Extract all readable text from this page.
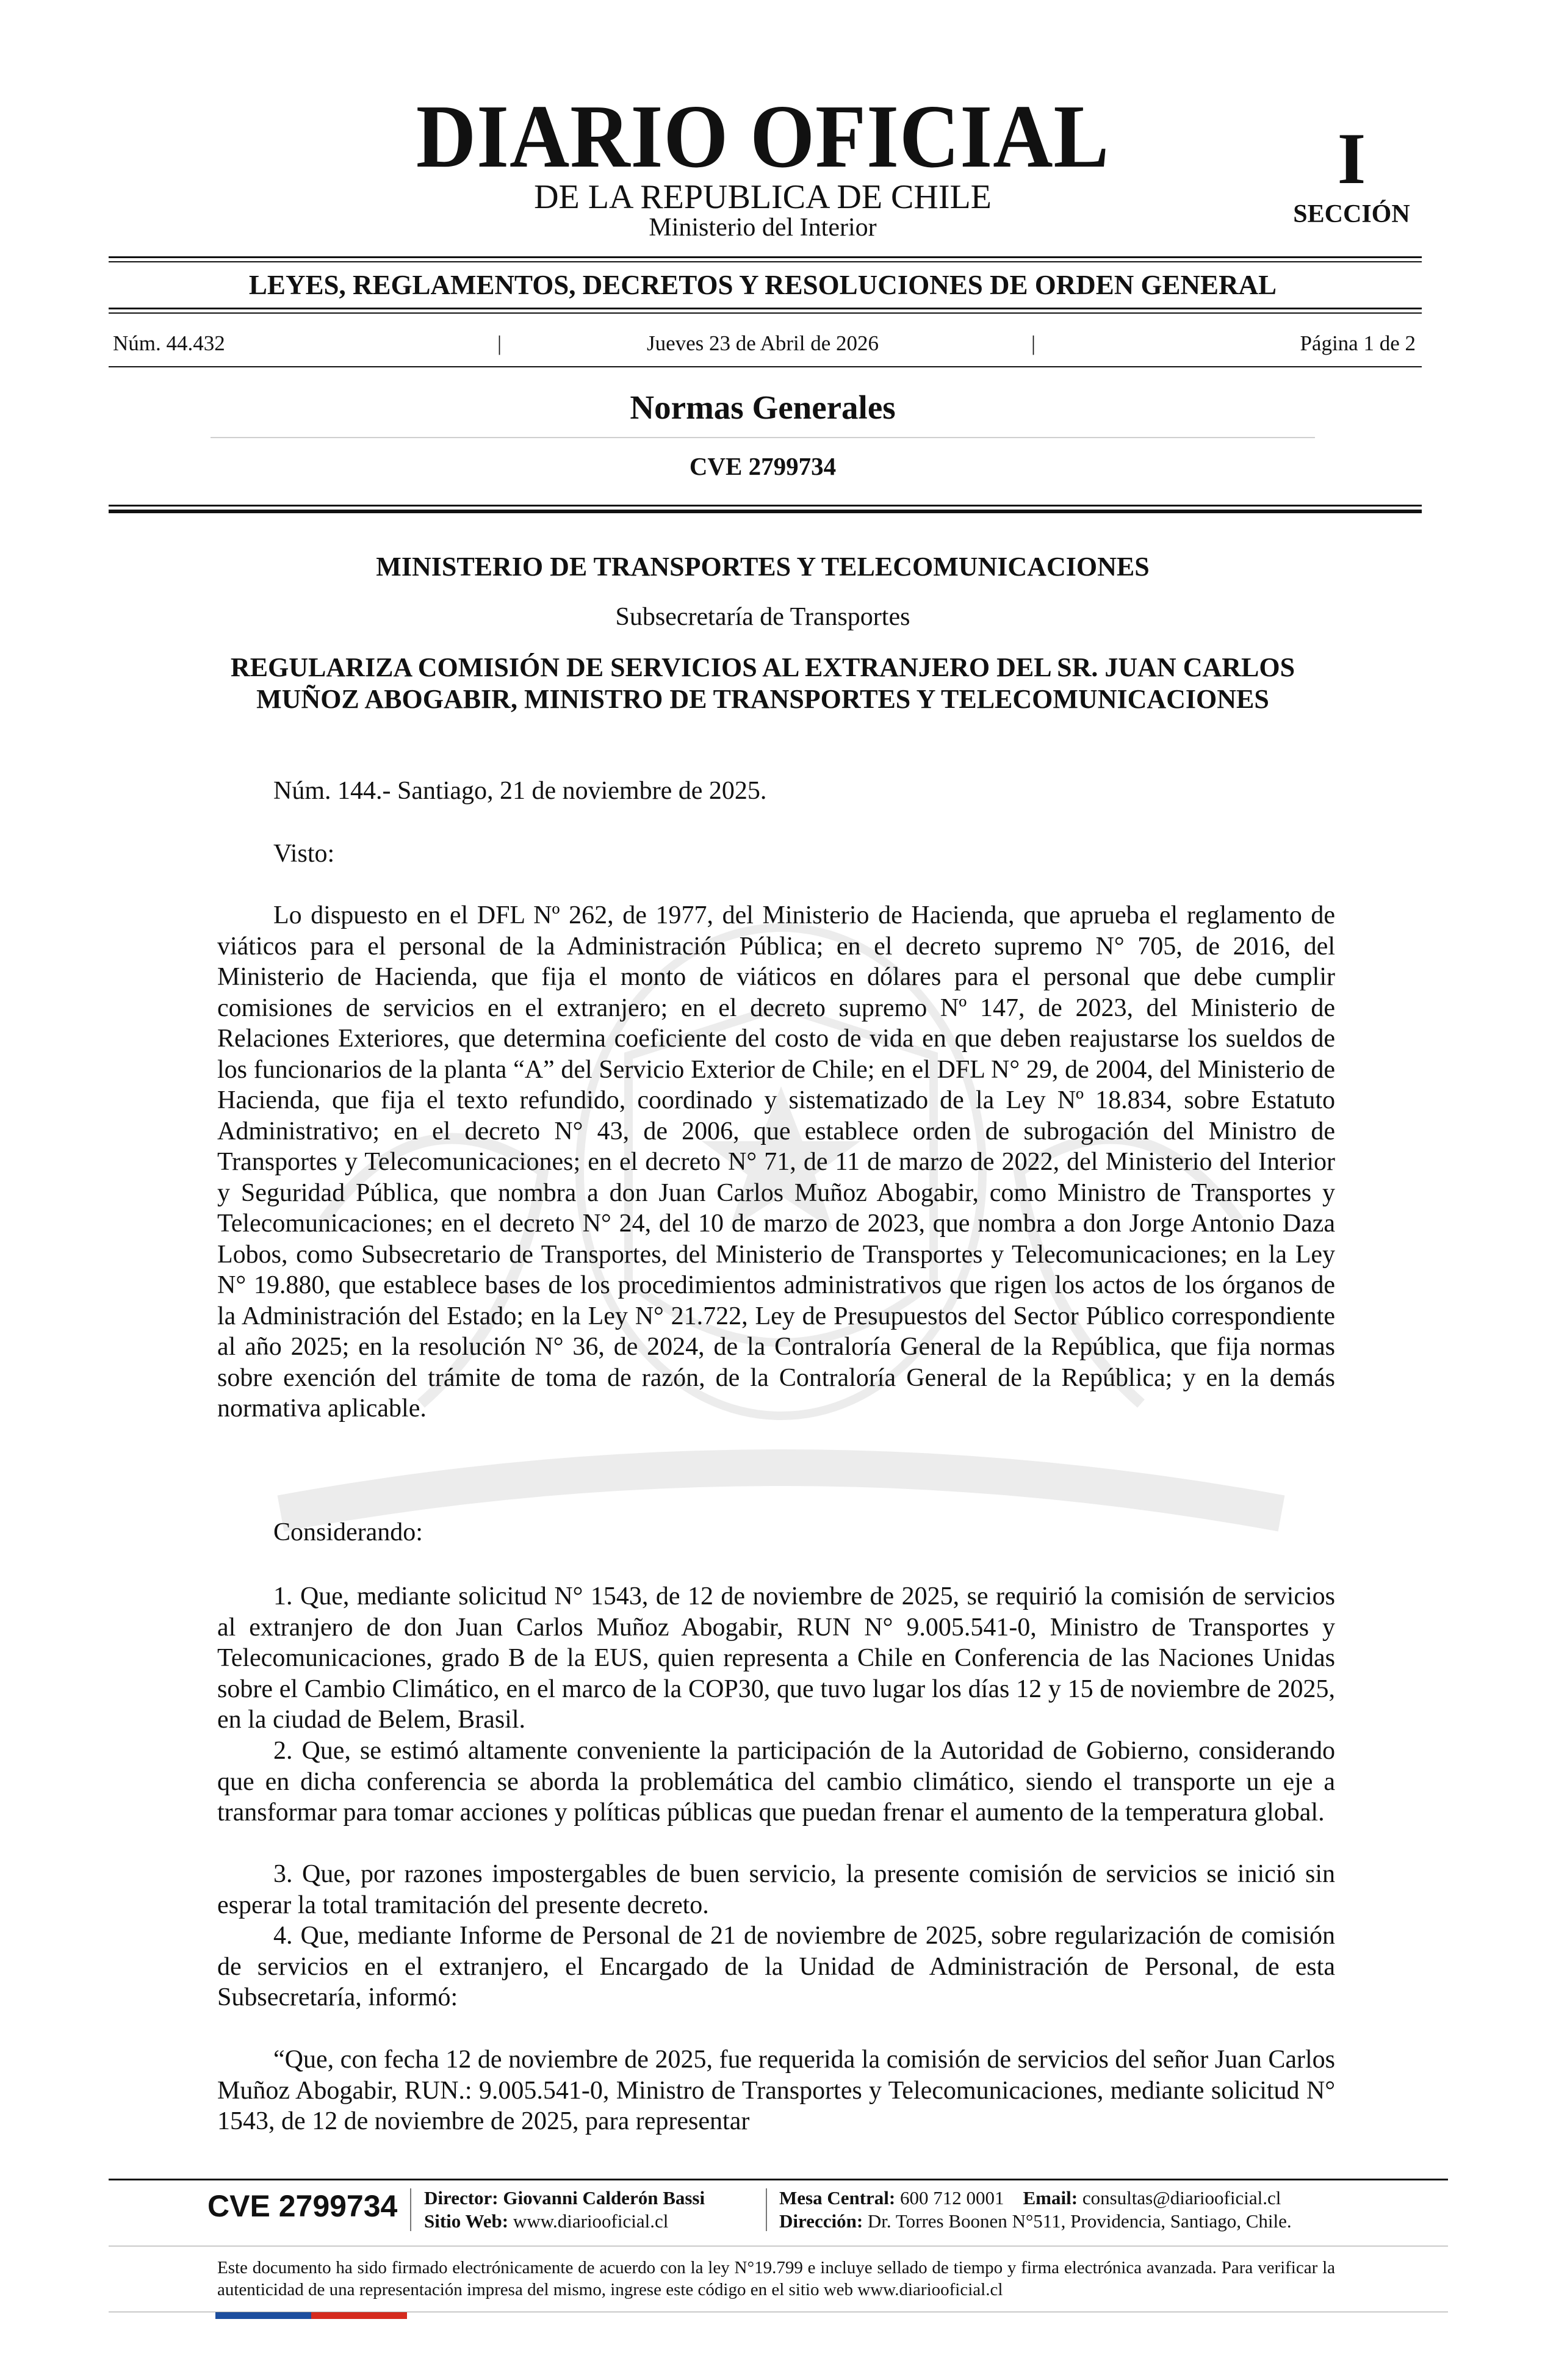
POR LA RAZÓN O LA FUERZA
DIARIO OFICIAL
DE LA REPUBLICA DE CHILE
Ministerio del Interior
I
SECCIÓN
LEYES, REGLAMENTOS, DECRETOS Y RESOLUCIONES DE ORDEN GENERAL
Núm. 44.432	|	Jueves 23 de Abril de 2026	|	Página 1 de 2
Normas Generales
CVE 2799734
MINISTERIO DE TRANSPORTES Y TELECOMUNICACIONES
Subsecretaría de Transportes
REGULARIZA COMISIÓN DE SERVICIOS AL EXTRANJERO DEL SR. JUAN CARLOS MUÑOZ ABOGABIR, MINISTRO DE TRANSPORTES Y TELECOMUNICACIONES
Núm. 144.- Santiago, 21 de noviembre de 2025.
Visto:

Lo dispuesto en el DFL Nº 262, de 1977, del Ministerio de Hacienda, que aprueba el reglamento de viáticos para el personal de la Administración Pública; en el decreto supremo N° 705, de 2016, del Ministerio de Hacienda, que fija el monto de viáticos en dólares para el personal que debe cumplir comisiones de servicios en el extranjero; en el decreto supremo Nº 147, de 2023, del Ministerio de Relaciones Exteriores, que determina coeficiente del costo de vida en que deben reajustarse los sueldos de los funcionarios de la planta “A” del Servicio Exterior de Chile; en el DFL N° 29, de 2004, del Ministerio de Hacienda, que fija el texto refundido, coordinado y sistematizado de la Ley Nº 18.834, sobre Estatuto Administrativo; en el decreto N° 43, de 2006, que establece orden de subrogación del Ministro de Transportes y Telecomunicaciones; en el decreto N° 71, de 11 de marzo de 2022, del Ministerio del Interior y Seguridad Pública, que nombra a don Juan Carlos Muñoz Abogabir, como Ministro de Transportes y Telecomunicaciones; en el decreto N° 24, del 10 de marzo de 2023, que nombra a don Jorge Antonio Daza Lobos, como Subsecretario de Transportes, del Ministerio de Transportes y Telecomunicaciones; en la Ley N° 19.880, que establece bases de los procedimientos administrativos que rigen los actos de los órganos de la Administración del Estado; en la Ley N° 21.722, Ley de Presupuestos del Sector Público correspondiente al año 2025; en la resolución N° 36, de 2024, de la Contraloría General de la República, que fija normas sobre exención del trámite de toma de razón, de la Contraloría General de la República; y en la demás normativa aplicable.

Considerando:

1. Que, mediante solicitud N° 1543, de 12 de noviembre de 2025, se requirió la comisión de servicios al extranjero de don Juan Carlos Muñoz Abogabir, RUN N° 9.005.541-0, Ministro de Transportes y Telecomunicaciones, grado B de la EUS, quien representa a Chile en Conferencia de las Naciones Unidas sobre el Cambio Climático, en el marco de la COP30, que tuvo lugar los días 12 y 15 de noviembre de 2025, en la ciudad de Belem, Brasil.

2. Que, se estimó altamente conveniente la participación de la Autoridad de Gobierno, considerando que en dicha conferencia se aborda la problemática del cambio climático, siendo el transporte un eje a transformar para tomar acciones y políticas públicas que puedan frenar el aumento de la temperatura global.

3. Que, por razones impostergables de buen servicio, la presente comisión de servicios se inició sin esperar la total tramitación del presente decreto.

4. Que, mediante Informe de Personal de 21 de noviembre de 2025, sobre regularización de comisión de servicios en el extranjero, el Encargado de la Unidad de Administración de Personal, de esta Subsecretaría, informó:

“Que, con fecha 12 de noviembre de 2025, fue requerida la comisión de servicios del señor Juan Carlos Muñoz Abogabir, RUN.: 9.005.541-0, Ministro de Transportes y Telecomunicaciones, mediante solicitud N° 1543, de 12 de noviembre de 2025, para representar

CVE 2799734 Director: Giovanni Calderón Bassi
Sitio Web: www.diariooficial.cl
Mesa Central: 600 712 0001 Email: consultas@diariooficial.cl
Dirección: Dr. Torres Boonen N°511, Providencia, Santiago, Chile.
Este documento ha sido firmado electrónicamente de acuerdo con la ley N°19.799 e incluye sellado de tiempo y firma electrónica avanzada. Para verificar la autenticidad de una representación impresa del mismo, ingrese este código en el sitio web www.diariooficial.cl
